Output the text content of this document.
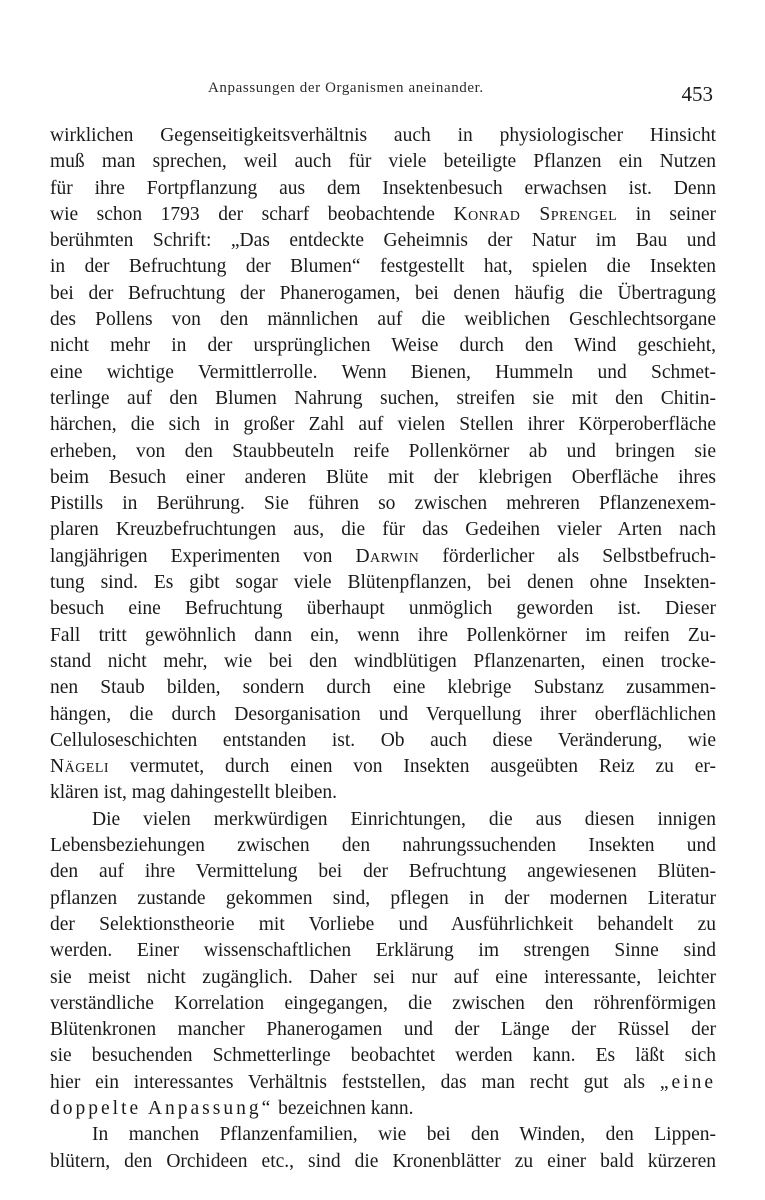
Anpassungen der Organismen aneinander.	453
wirklichen Gegenseitigkeitsverhältnis auch in physiologischer Hinsicht
muß man sprechen, weil auch für viele beteiligte Pflanzen ein Nutzen
für ihre Fortpflanzung aus dem Insektenbesuch erwachsen ist. Denn
wie schon 1793 der scharf beobachtende Konrad Sprengel in seiner
berühmten Schrift: „Das entdeckte Geheimnis der Natur im Bau und
in der Befruchtung der Blumen“ festgestellt hat, spielen die Insekten
bei der Befruchtung der Phanerogamen, bei denen häufig die Übertragung
des Pollens von den männlichen auf die weiblichen Geschlechtsorgane
nicht mehr in der ursprünglichen Weise durch den Wind geschieht,
eine wichtige Vermittlerrolle. Wenn Bienen, Hummeln und Schmet-
terlinge auf den Blumen Nahrung suchen, streifen sie mit den Chitin-
härchen, die sich in großer Zahl auf vielen Stellen ihrer Körperoberfläche
erheben, von den Staubbeuteln reife Pollenkörner ab und bringen sie
beim Besuch einer anderen Blüte mit der klebrigen Oberfläche ihres
Pistills in Berührung. Sie führen so zwischen mehreren Pflanzenexem-
plaren Kreuzbefruchtungen aus, die für das Gedeihen vieler Arten nach
langjährigen Experimenten von Darwin förderlicher als Selbstbefruch-
tung sind. Es gibt sogar viele Blütenpflanzen, bei denen ohne Insekten-
besuch eine Befruchtung überhaupt unmöglich geworden ist. Dieser
Fall tritt gewöhnlich dann ein, wenn ihre Pollenkörner im reifen Zu-
stand nicht mehr, wie bei den windblütigen Pflanzenarten, einen trocke-
nen Staub bilden, sondern durch eine klebrige Substanz zusammen-
hängen, die durch Desorganisation und Verquellung ihrer oberflächlichen
Celluloseschichten entstanden ist. Ob auch diese Veränderung, wie
Nägeli vermutet, durch einen von Insekten ausgeübten Reiz zu er-
klären ist, mag dahingestellt bleiben.
Die vielen merkwürdigen Einrichtungen, die aus diesen innigen
Lebensbeziehungen zwischen den nahrungssuchenden Insekten und
den auf ihre Vermittelung bei der Befruchtung angewiesenen Blüten-
pflanzen zustande gekommen sind, pflegen in der modernen Literatur
der Selektionstheorie mit Vorliebe und Ausführlichkeit behandelt zu
werden. Einer wissenschaftlichen Erklärung im strengen Sinne sind
sie meist nicht zugänglich. Daher sei nur auf eine interessante, leichter
verständliche Korrelation eingegangen, die zwischen den röhrenförmigen
Blütenkronen mancher Phanerogamen und der Länge der Rüssel der
sie besuchenden Schmetterlinge beobachtet werden kann. Es läßt sich
hier ein interessantes Verhältnis feststellen, das man recht gut als „eine
doppelte Anpassung“ bezeichnen kann.
In manchen Pflanzenfamilien, wie bei den Winden, den Lippen-
blütern, den Orchideen etc., sind die Kronenblätter zu einer bald kürzeren
